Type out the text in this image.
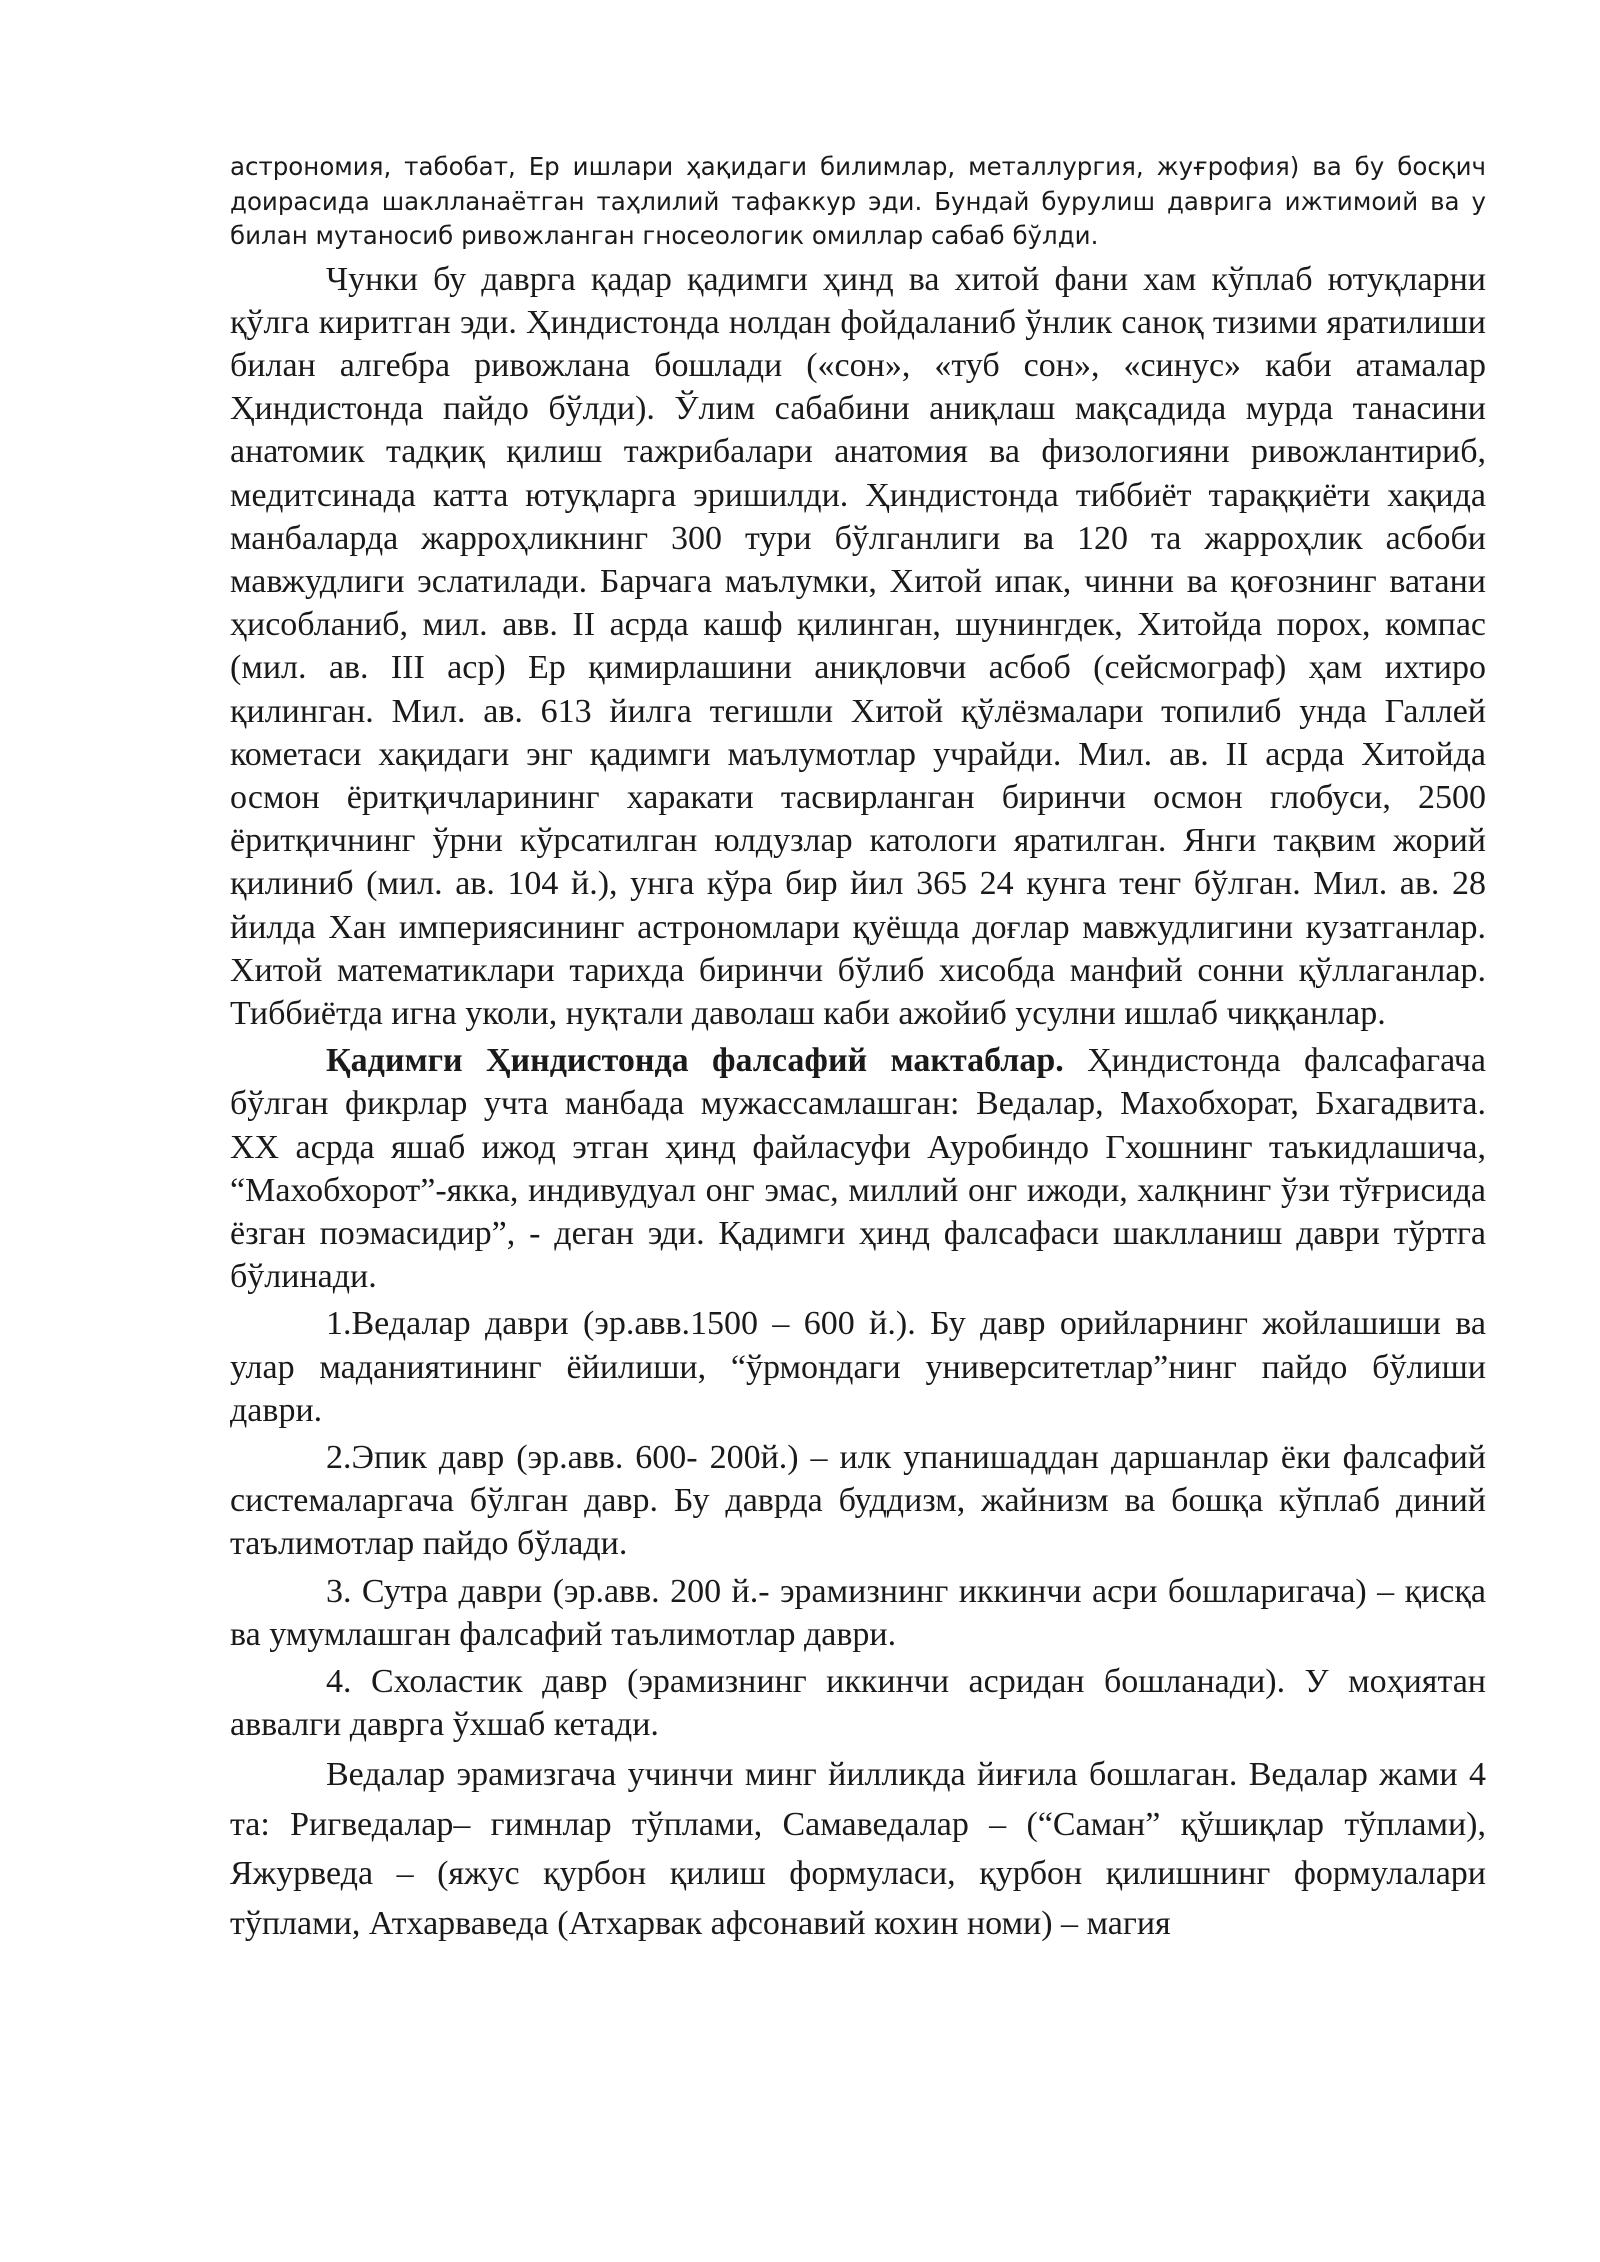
астрономия, табобат, Ер ишлари ҳақидаги билимлар, металлургия, жуғрофия) ва бу босқич доирасида шаклланаётган таҳлилий тафаккур эди. Бундай бурулиш даврига ижтимоий ва у билан мутаносиб ривожланган гносеологик омиллар сабаб бўлди.

Чунки бу даврга қадар қадимги ҳинд ва хитой фани хам кўплаб ютуқларни қўлга киритган эди. Ҳиндистонда нолдан фойдаланиб ўнлик саноқ тизими яратилиши билан алгебра ривожлана бошлади («сон», «туб сон», «синус» каби атамалар Ҳиндистонда пайдо бўлди). Ўлим сабабини аниқлаш мақсадида мурда танасини анатомик тадқиқ қилиш тажрибалари анатомия ва физологияни ривожлантириб, медитсинада катта ютуқларга эришилди. Ҳиндистонда тиббиёт тараққиёти хақида манбаларда жарроҳликнинг 300 тури бўлганлиги ва 120 та жарроҳлик асбоби мавжудлиги эслатилади. Барчага маълумки, Хитой ипак, чинни ва қоғознинг ватани ҳисобланиб, мил. авв. II асрда кашф қилинган, шунингдек, Хитойда порох, компас (мил. ав. III аср) Ер қимирлашини аниқловчи асбоб (сейсмограф) ҳам ихтиро қилинган. Мил. ав. 613 йилга тегишли Хитой қўлёзмалари топилиб унда Галлей кометаси хақидаги энг қадимги маълумотлар учрайди. Мил. ав. II асрда Хитойда осмон ёритқичларининг харакати тасвирланган биринчи осмон глобуси, 2500 ёритқичнинг ўрни кўрсатилган юлдузлар катологи яратилган. Янги тақвим жорий қилиниб (мил. ав. 104 й.), унга кўра бир йил 365 24 кунга тенг бўлган. Мил. ав. 28 йилда Хан империясининг астрономлари қуёшда доғлар мавжудлигини кузатганлар. Хитой математиклари тарихда биринчи бўлиб хисобда манфий сонни қўллаганлар. Тиббиётда игна уколи, нуқтали даволаш каби ажойиб усулни ишлаб чиққанлар.

Қадимги Ҳиндистонда фалсафий мактаблар. Ҳиндистонда фалсафагача бўлган фикрлар учта манбада мужассамлашган: Ведалар, Махобхорат, Бхагадвита. ХХ асрда яшаб ижод этган ҳинд файласуфи Ауробиндо Гхошнинг таъкидлашича, “Махобхорот”-якка, индивудуал онг эмас, миллий онг ижоди, халқнинг ўзи тўғрисида ёзган поэмасидир”, - деган эди. Қадимги ҳинд фалсафаси шаклланиш даври тўртга бўлинади.

1.Ведалар даври (эр.авв.1500 – 600 й.). Бу давр орийларнинг жойлашиши ва улар маданиятининг ёйилиши, “ўрмондаги университетлар”нинг пайдо бўлиши даври.

2.Эпик давр (эр.авв. 600- 200й.) – илк упанишаддан даршанлар ёки фалсафий системаларгача бўлган давр. Бу даврда буддизм, жайнизм ва бошқа кўплаб диний таълимотлар пайдо бўлади.

3. Сутра даври (эр.авв. 200 й.- эрамизнинг иккинчи асри бошларигача) – қисқа ва умумлашган фалсафий таълимотлар даври.

4. Схоластик давр (эрамизнинг иккинчи асридан бошланади). У моҳиятан аввалги даврга ўхшаб кетади.

Ведалар эрамизгача учинчи минг йилликда йиғила бошлаган. Ведалар жами 4 та: Ригведалар– гимнлар тўплами, Самаведалар – (“Саман” қўшиқлар тўплами), Яжурведа – (яжус қурбон қилиш формуласи, қурбон қилишнинг формулалари тўплами, Атхарваведа (Атхарвак афсонавий кохин номи) – магия
